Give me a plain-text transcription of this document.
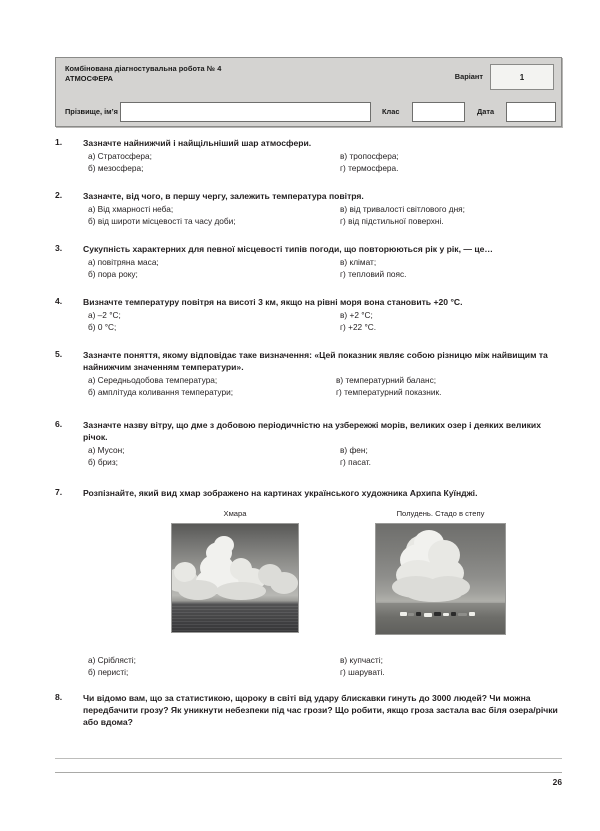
Комбінована діагностувальна робота № 4
АТМОСФЕРА	Варіант	1
Прізвище, ім’я	Клас	Дата
1.	Зазначте найнижчий і найщільніший шар атмосфери.
а) Стратосфера;
б) мезосфера;
в) тропосфера;
г) термосфера.
2.	Зазначте, від чого, в першу чергу, залежить температура повітря.
а) Від хмарності неба;
б) від широти місцевості та часу доби;
в) від тривалості світлового дня;
г) від підстильної поверхні.
3.	Сукупність характерних для певної місцевості типів погоди, що повторюються рік у рік, — це…
а) повітряна маса;
б) пора року;
в) клімат;
г) тепловий пояс.
4.	Визначте температуру повітря на висоті 3 км, якщо на рівні моря вона становить +20 °С.
а) –2 °С;
б) 0 °С;
в) +2 °С;
г) +22 °С.
5.	Зазначте поняття, якому відповідає таке визначення: «Цей показник являє собою різницю між найвищим та найнижчим значенням температури».
а) Середньодобова температура;
б) амплітуда коливання температури;
в) температурний баланс;
г) температурний показник.
6.	Зазначте назву вітру, що дме з добовою періодичністю на узбережжі морів, великих озер і деяких великих річок.
а) Мусон;
б) бриз;
в) фен;
г) пасат.
7.	Розпізнайте, який вид хмар зображено на картинах українського художника Архипа Куїнджі.
Хмара	Полудень. Стадо в степу
а) Сріблясті;
б) перисті;
в) купчасті;
г) шаруваті.
8.	Чи відомо вам, що за статистикою, щороку в світі від удару блискавки гинуть до 3000 людей? Чи можна передбачити грозу? Як уникнути небезпеки під час грози? Що робити, якщо гроза застала вас біля озера/річки або вдома?
26
